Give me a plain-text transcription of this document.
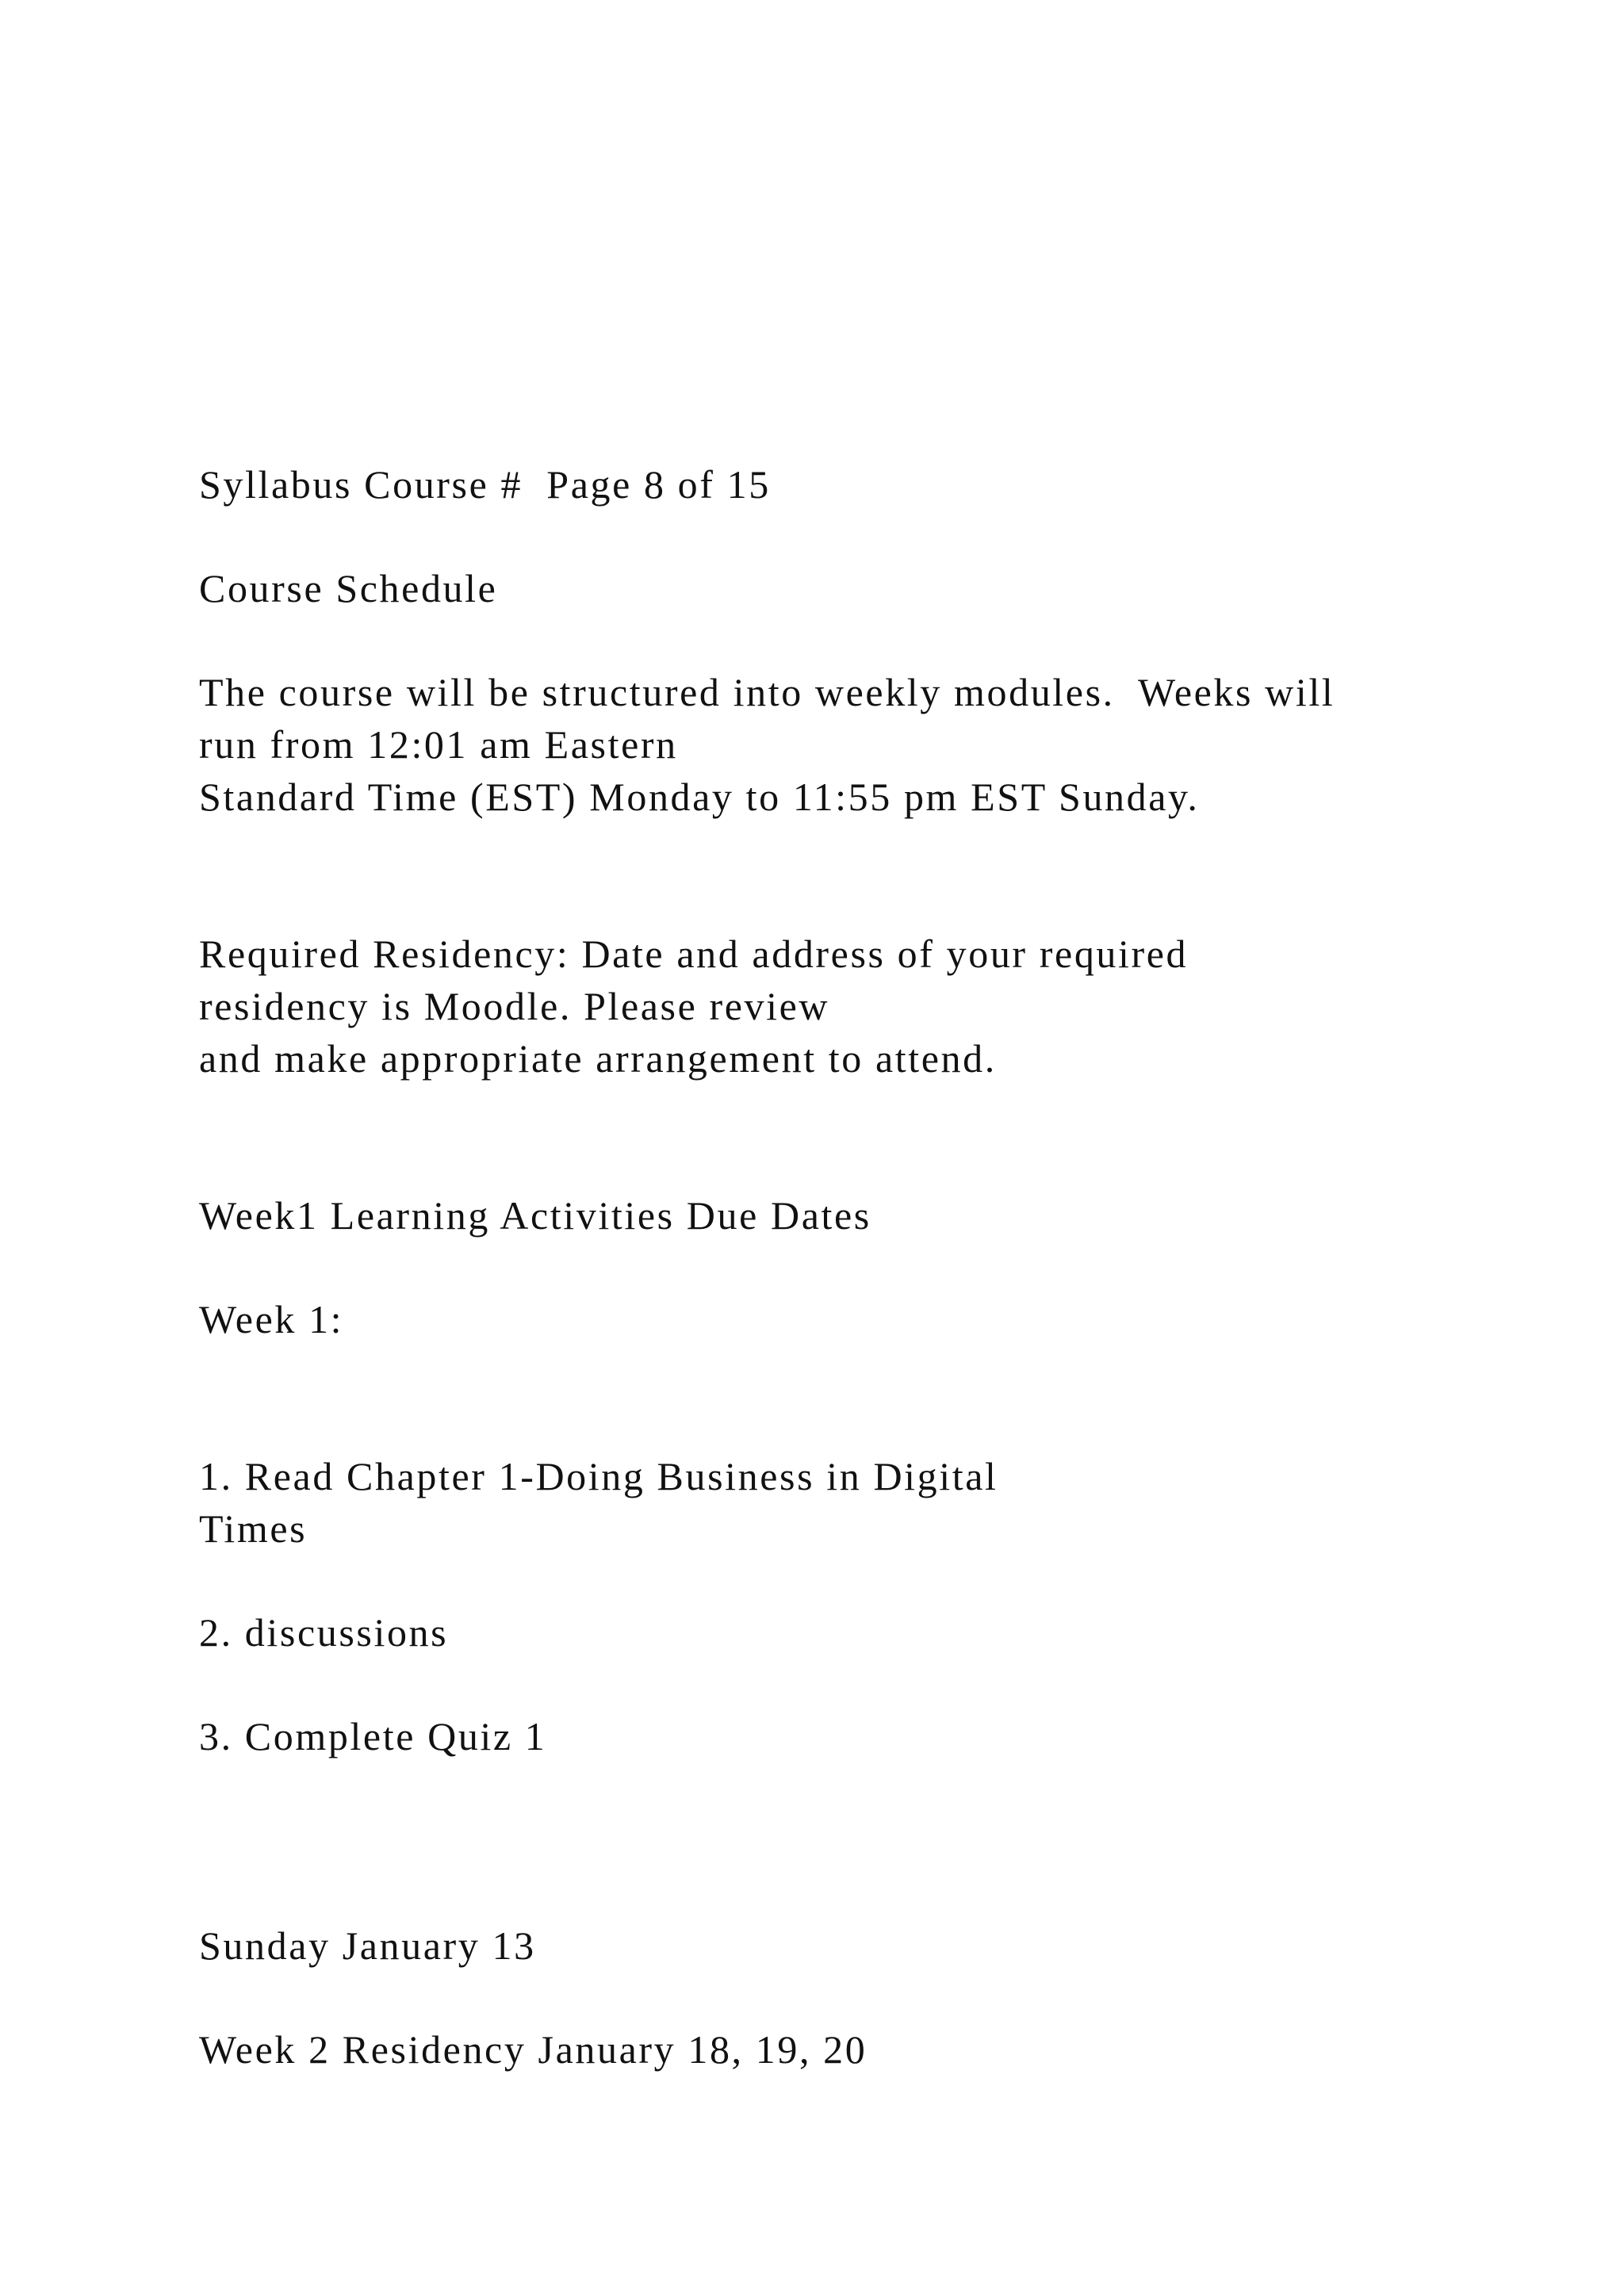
Syllabus Course #  Page 8 of 15

Course Schedule

The course will be structured into weekly modules.  Weeks will

run from 12:01 am Eastern

Standard Time (EST) Monday to 11:55 pm EST Sunday.

Required Residency: Date and address of your required

residency is Moodle. Please review

and make appropriate arrangement to attend.

Week1 Learning Activities Due Dates

Week 1:

1. Read Chapter 1-Doing Business in Digital

Times

2. discussions

3. Complete Quiz 1

Sunday January 13

Week 2 Residency January 18, 19, 20
